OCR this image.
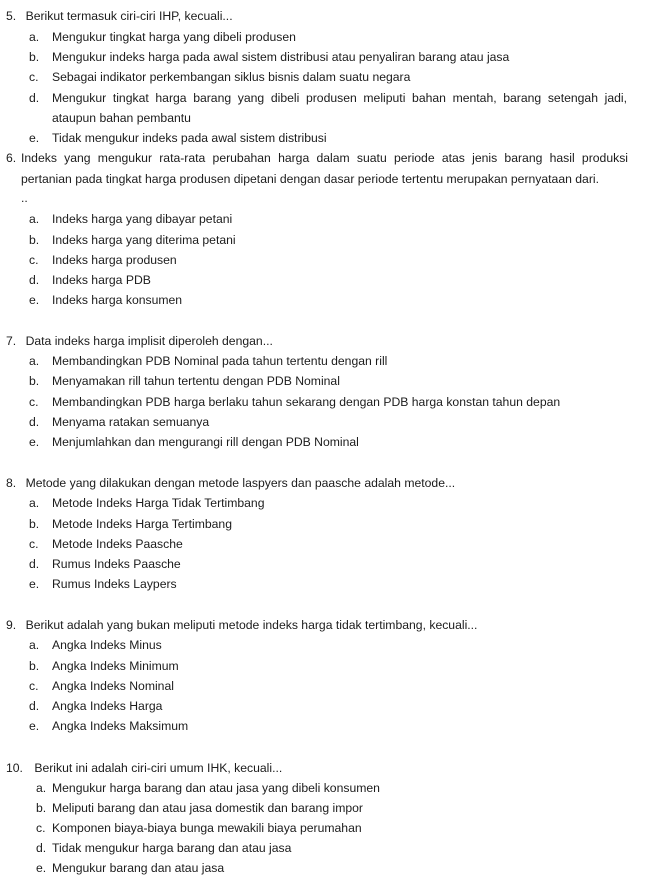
5. Berikut termasuk ciri-ciri IHP, kecuali...
a. Mengukur tingkat harga yang dibeli produsen
b. Mengukur indeks harga pada awal sistem distribusi atau penyaliran barang atau jasa
c. Sebagai indikator perkembangan siklus bisnis dalam suatu negara
d. Mengukur tingkat harga barang yang dibeli produsen meliputi bahan mentah, barang setengah jadi,
ataupun bahan pembantu
e. Tidak mengukur indeks pada awal sistem distribusi
6. Indeks yang mengukur rata-rata perubahan harga dalam suatu periode atas jenis barang hasil produksi
pertanian pada tingkat harga produsen dipetani dengan dasar periode tertentu merupakan pernyataan dari.
..
a. Indeks harga yang dibayar petani
b. Indeks harga yang diterima petani
c. Indeks harga produsen
d. Indeks harga PDB
e. Indeks harga konsumen
7. Data indeks harga implisit diperoleh dengan...
a. Membandingkan PDB Nominal pada tahun tertentu dengan rill
b. Menyamakan rill tahun tertentu dengan PDB Nominal
c. Membandingkan PDB harga berlaku tahun sekarang dengan PDB harga konstan tahun depan
d. Menyama ratakan semuanya
e. Menjumlahkan dan mengurangi rill dengan PDB Nominal
8. Metode yang dilakukan dengan metode laspyers dan paasche adalah metode...
a. Metode Indeks Harga Tidak Tertimbang
b. Metode Indeks Harga Tertimbang
c. Metode Indeks Paasche
d. Rumus Indeks Paasche
e. Rumus Indeks Laypers
9. Berikut adalah yang bukan meliputi metode indeks harga tidak tertimbang, kecuali...
a. Angka Indeks Minus
b. Angka Indeks Minimum
c. Angka Indeks Nominal
d. Angka Indeks Harga
e. Angka Indeks Maksimum
10. Berikut ini adalah ciri-ciri umum IHK, kecuali...
a. Mengukur harga barang dan atau jasa yang dibeli konsumen
b. Meliputi barang dan atau jasa domestik dan barang impor
c. Komponen biaya-biaya bunga mewakili biaya perumahan
d. Tidak mengukur harga barang dan atau jasa
e. Mengukur barang dan atau jasa
